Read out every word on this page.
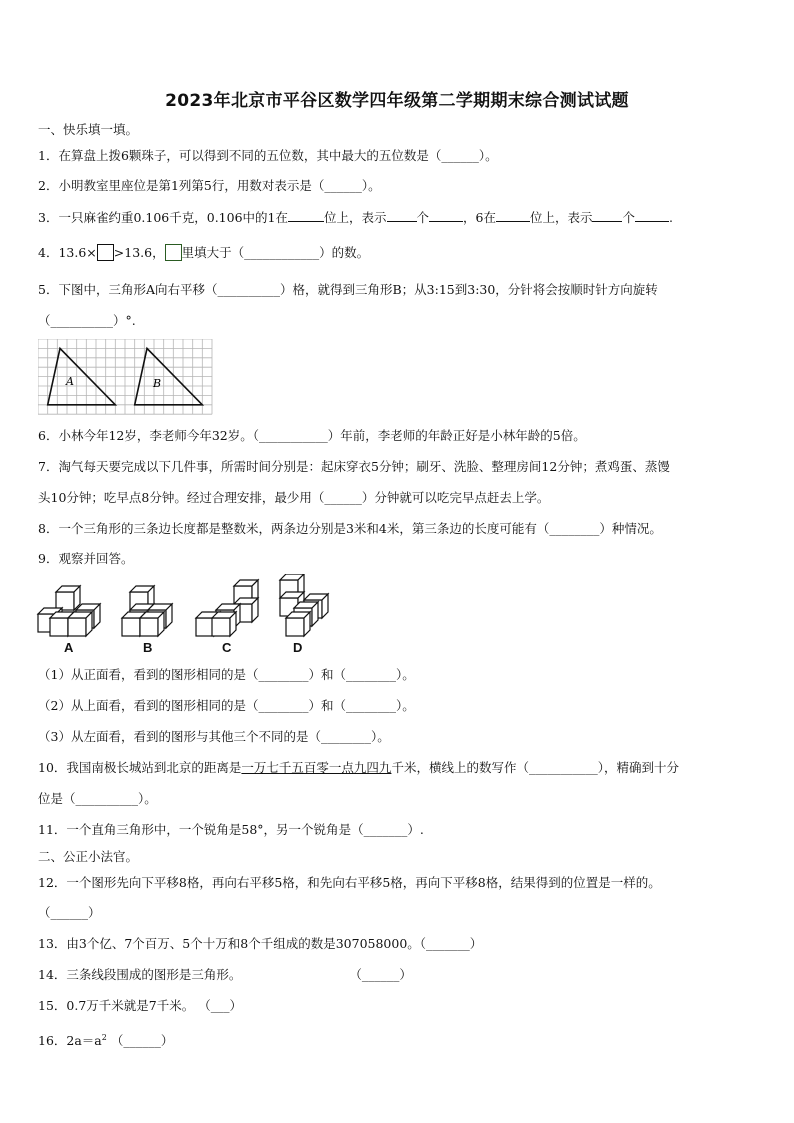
2023年北京市平谷区数学四年级第二学期期末综合测试试题
一、快乐填一填。
1．在算盘上拨6颗珠子，可以得到不同的五位数，其中最大的五位数是（______）。
2．小明教室里座位是第1列第5行，用数对表示是（______）。
3．一只麻雀约重0.106千克，0.106中的1在	位上，表示 个	，6在	位上，表示 个	.
4．13.6× >13.6， 里填大于（____________）的数。
5．下图中，三角形A向右平移（__________）格，就得到三角形B；从3:15到3:30，分针将会按顺时针方向旋转
（__________）°.
A	B
6．小林今年12岁，李老师今年32岁。（___________）年前，李老师的年龄正好是小林年龄的5倍。
7．淘气每天要完成以下几件事，所需时间分别是：起床穿衣5分钟；刷牙、洗脸、整理房间12分钟；煮鸡蛋、蒸馒
头10分钟；吃早点8分钟。经过合理安排，最少用（______）分钟就可以吃完早点赶去上学。
8．一个三角形的三条边长度都是整数米，两条边分别是3米和4米，第三条边的长度可能有（________）种情况。
9．观察并回答。
A	B	C	D
（1）从正面看，看到的图形相同的是（________）和（________）。
（2）从上面看，看到的图形相同的是（________）和（________）。
（3）从左面看，看到的图形与其他三个不同的是（________）。
10．我国南极长城站到北京的距离是一万七千五百零一点九四九千米，横线上的数写作（___________），精确到十分
位是（__________）。
11．一个直角三角形中，一个锐角是58°，另一个锐角是（_______）.
二、公正小法官。
12．一个图形先向下平移8格，再向右平移5格，和先向右平移5格，再向下平移8格，结果得到的位置是一样的。
（______）
13．由3个亿、7个百万、5个十万和8个千组成的数是307058000。（_______）
14．三条线段围成的图形是三角形。	（______）
15．0.7万千米就是7千米。 （___）
16．$2a=a^2$ （______）
